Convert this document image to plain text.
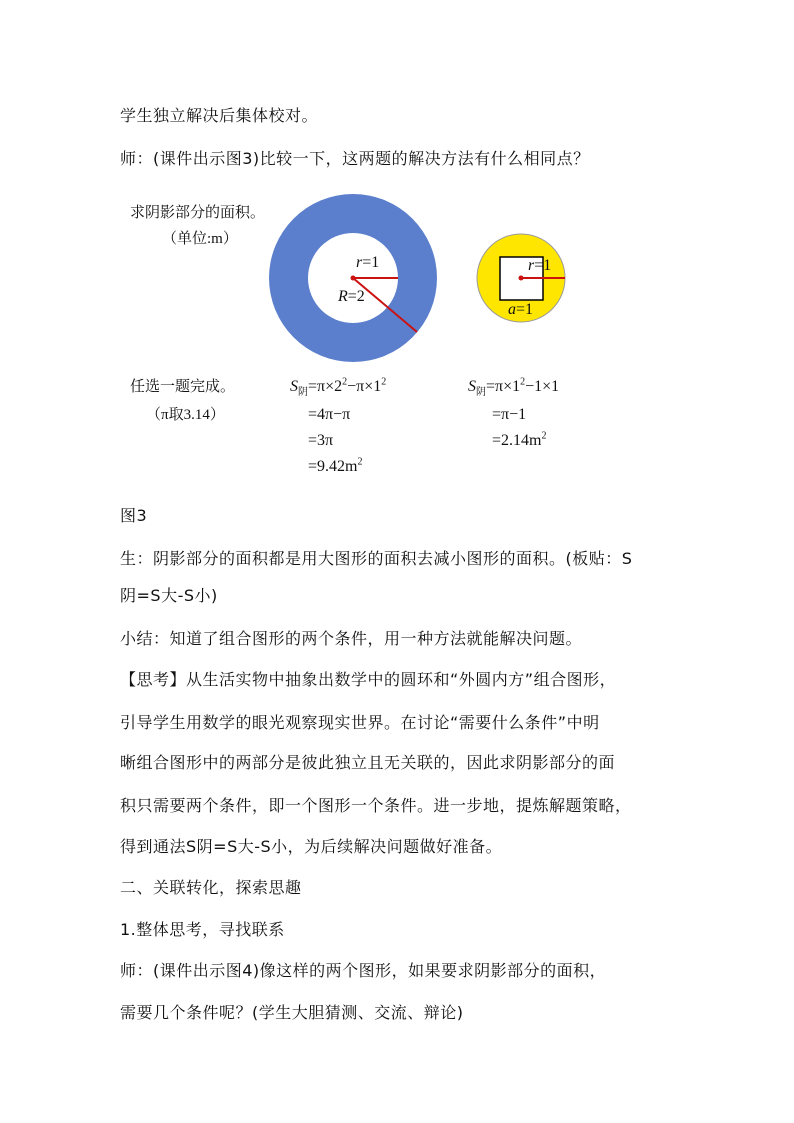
学生独立解决后集体校对。
师：(课件出示图3)比较一下，这两题的解决方法有什么相同点？
求阴影部分的面积。
（单位:m）
r=1
R=2
r=1
a=1
任选一题完成。
（π取3.14）
$S_阴=\pi\times 2^2-\pi\times 1^2$
=4π−π
=3π
$=9.42m^2$
$S_阴=\pi\times 1^2-1\times 1$
=π−1
$=2.14m^2$
图3
生：阴影部分的面积都是用大图形的面积去减小图形的面积。(板贴：S
阴=S大-S小)
小结：知道了组合图形的两个条件，用一种方法就能解决问题。
【思考】从生活实物中抽象出数学中的圆环和“外圆内方”组合图形，
引导学生用数学的眼光观察现实世界。在讨论“需要什么条件”中明
晰组合图形中的两部分是彼此独立且无关联的，因此求阴影部分的面
积只需要两个条件，即一个图形一个条件。进一步地，提炼解题策略，
得到通法S阴=S大-S小，为后续解决问题做好准备。
二、关联转化，探索思趣
1.整体思考，寻找联系
师：(课件出示图4)像这样的两个图形，如果要求阴影部分的面积，
需要几个条件呢？(学生大胆猜测、交流、辩论)
